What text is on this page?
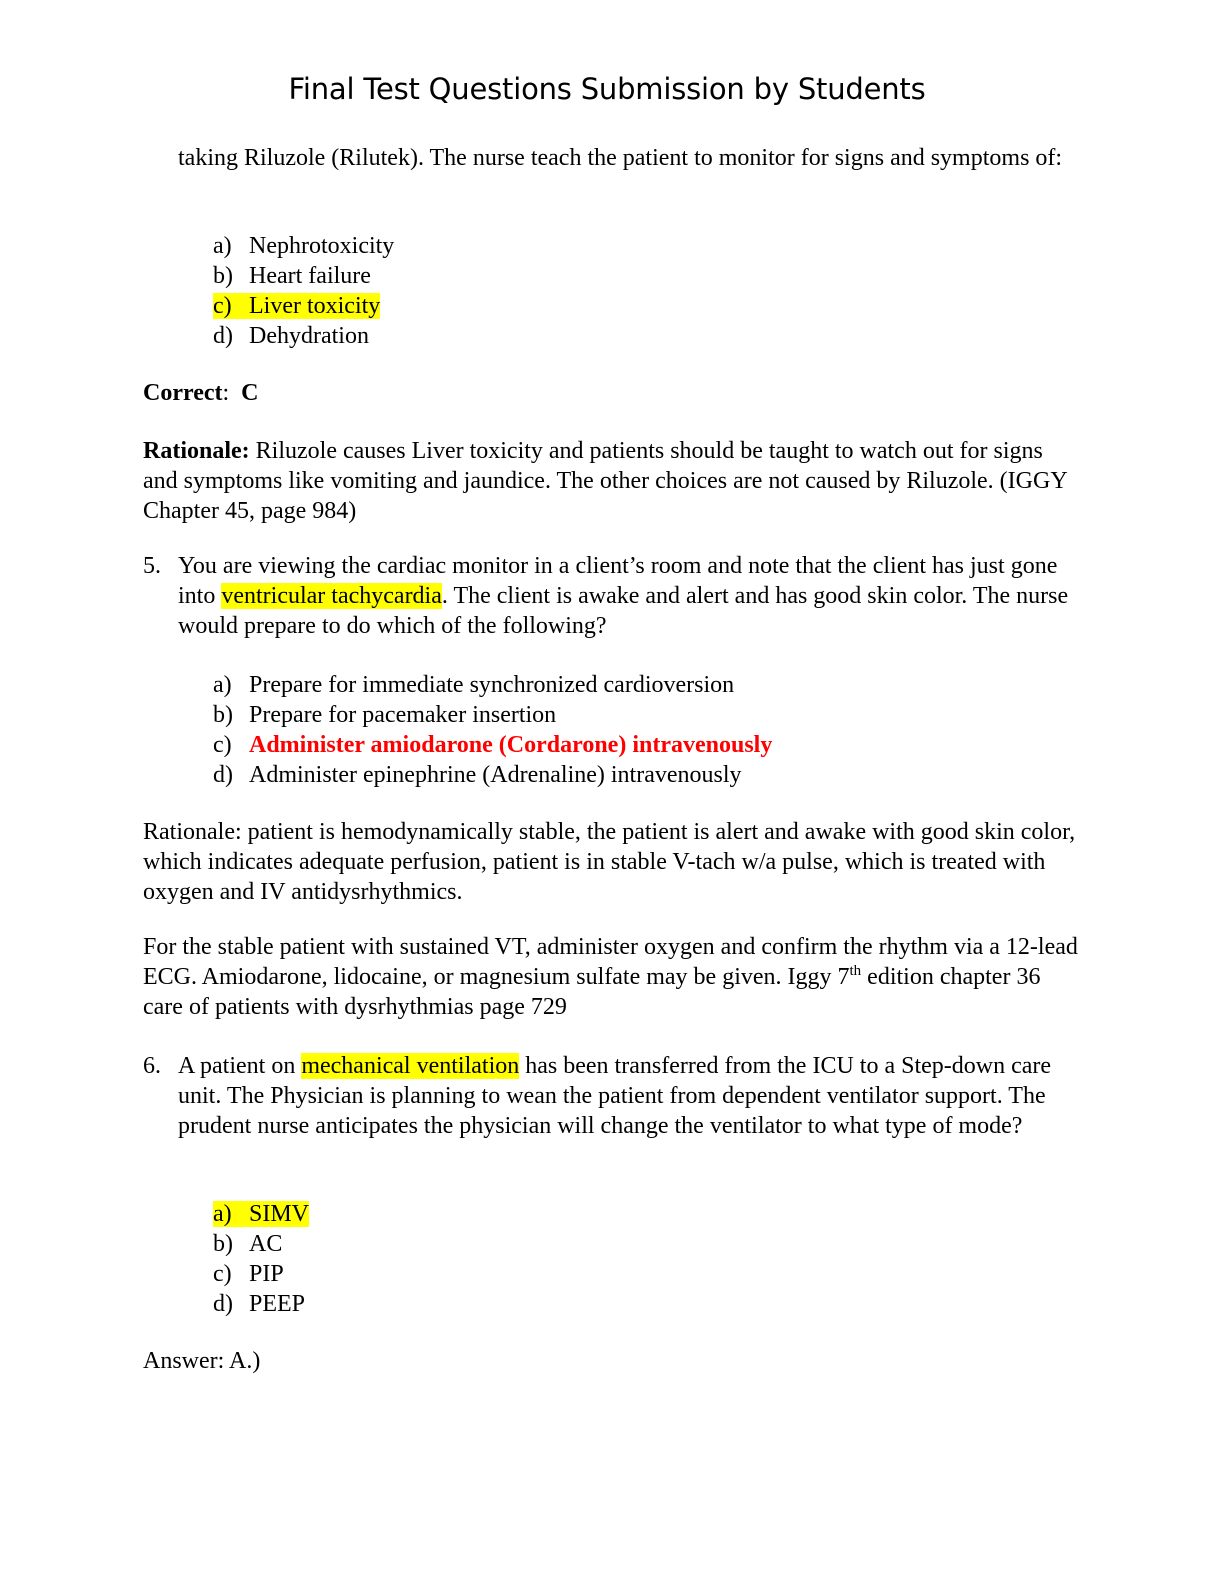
Final Test Questions Submission by Students

taking Riluzole (Rilutek). The nurse teach the patient to monitor for signs and symptoms of:

a) Nephrotoxicity
b) Heart failure
c) Liver toxicity
d) Dehydration

Correct: C

Rationale: Riluzole causes Liver toxicity and patients should be taught to watch out for signs and symptoms like vomiting and jaundice. The other choices are not caused by Riluzole. (IGGY Chapter 45, page 984)

5. You are viewing the cardiac monitor in a client’s room and note that the client has just gone into ventricular tachycardia. The client is awake and alert and has good skin color. The nurse would prepare to do which of the following?

a) Prepare for immediate synchronized cardioversion
b) Prepare for pacemaker insertion
c) Administer amiodarone (Cordarone) intravenously
d) Administer epinephrine (Adrenaline) intravenously

Rationale: patient is hemodynamically stable, the patient is alert and awake with good skin color, which indicates adequate perfusion, patient is in stable V-tach w/a pulse, which is treated with oxygen and IV antidysrhythmics.

For the stable patient with sustained VT, administer oxygen and confirm the rhythm via a 12-lead ECG. Amiodarone, lidocaine, or magnesium sulfate may be given. Iggy 7th edition chapter 36 care of patients with dysrhythmias page 729

6. A patient on mechanical ventilation has been transferred from the ICU to a Step-down care unit. The Physician is planning to wean the patient from dependent ventilator support. The prudent nurse anticipates the physician will change the ventilator to what type of mode?

a) SIMV
b) AC
c) PIP
d) PEEP

Answer: A.)
